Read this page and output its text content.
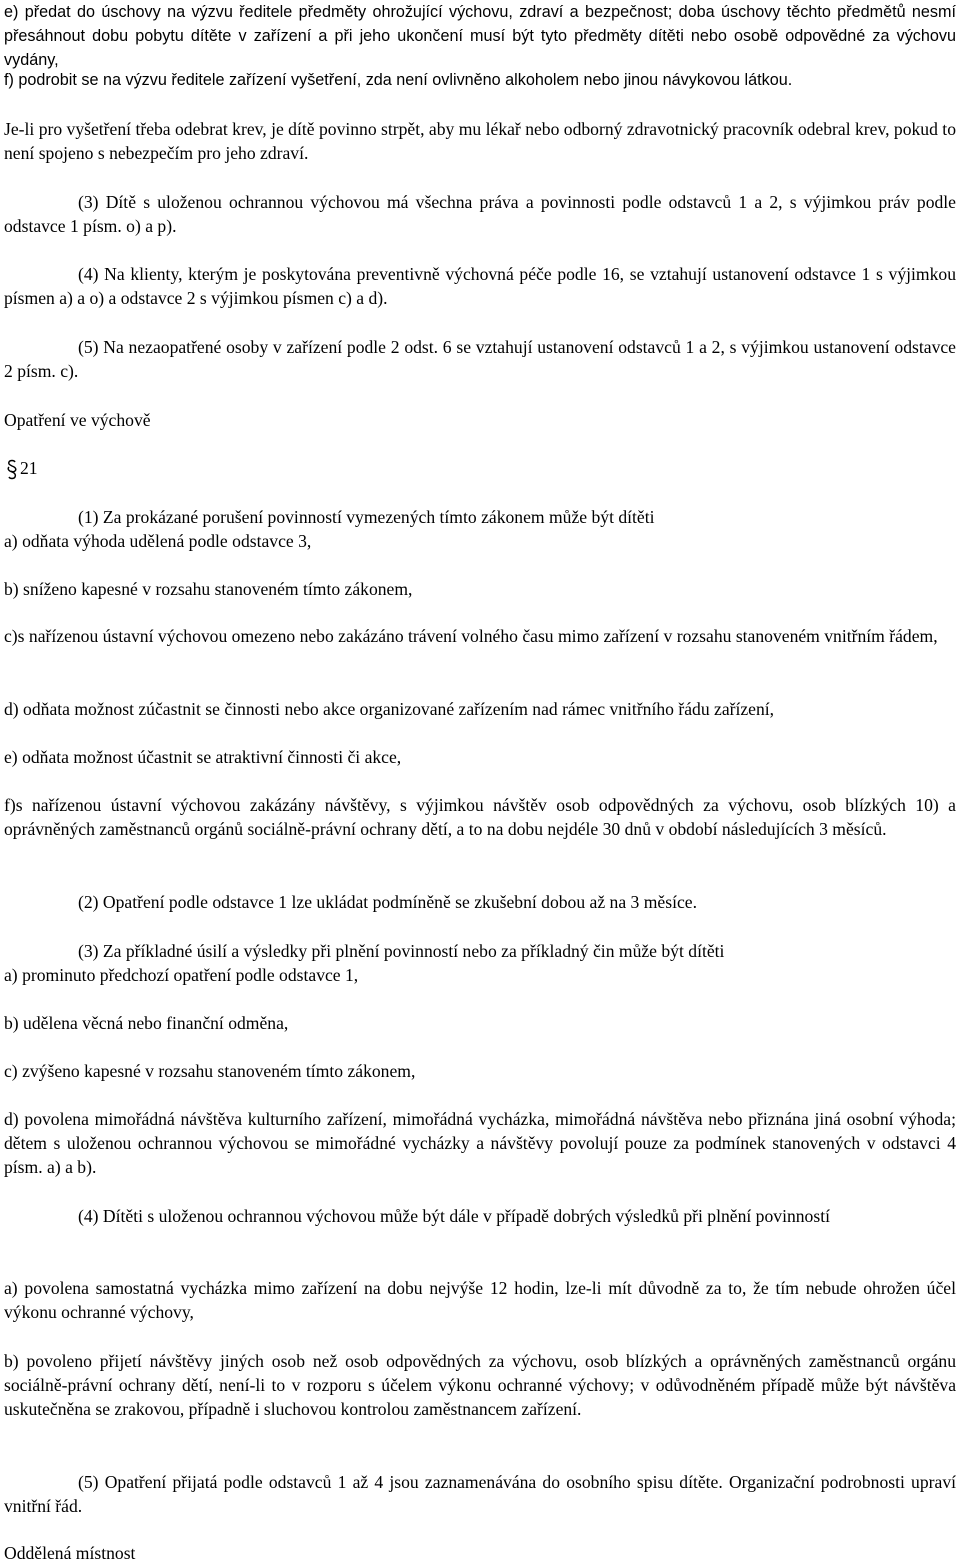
e) předat do úschovy na výzvu ředitele předměty ohrožující výchovu, zdraví a bezpečnost; doba úschovy těchto předmětů nesmí přesáhnout dobu pobytu dítěte v zařízení a při jeho ukončení musí být tyto předměty dítěti nebo osobě odpovědné za výchovu vydány,

f) podrobit se na výzvu ředitele zařízení vyšetření, zda není ovlivněno alkoholem nebo jinou návykovou látkou.

Je-li pro vyšetření třeba odebrat krev, je dítě povinno strpět, aby mu lékař nebo odborný zdravotnický pracovník odebral krev, pokud to není spojeno s nebezpečím pro jeho zdraví.

(3) Dítě s uloženou ochrannou výchovou má všechna práva a povinnosti podle odstavců 1 a 2, s výjimkou práv podle odstavce 1 písm. o) a p).

(4) Na klienty, kterým je poskytována preventivně výchovná péče podle 16, se vztahují ustanovení odstavce 1 s výjimkou písmen a) a o) a odstavce 2 s výjimkou písmen c) a d).

(5) Na nezaopatřené osoby v zařízení podle 2 odst. 6 se vztahují ustanovení odstavců 1 a 2, s výjimkou ustanovení odstavce 2 písm. c).

Opatření ve výchově

21

(1) Za prokázané porušení povinností vymezených tímto zákonem může být dítěti

a) odňata výhoda udělená podle odstavce 3,

b) sníženo kapesné v rozsahu stanoveném tímto zákonem,

c)s nařízenou ústavní výchovou omezeno nebo zakázáno trávení volného času mimo zařízení v rozsahu stanoveném vnitřním řádem,

d) odňata možnost zúčastnit se činnosti nebo akce organizované zařízením nad rámec vnitřního řádu zařízení,

e) odňata možnost účastnit se atraktivní činnosti či akce,

f)s nařízenou ústavní výchovou zakázány návštěvy, s výjimkou návštěv osob odpovědných za výchovu, osob blízkých 10) a oprávněných zaměstnanců orgánů sociálně-právní ochrany dětí, a to na dobu nejdéle 30 dnů v období následujících 3 měsíců.

(2) Opatření podle odstavce 1 lze ukládat podmíněně se zkušební dobou až na 3 měsíce.

(3) Za příkladné úsilí a výsledky při plnění povinností nebo za příkladný čin může být dítěti

a) prominuto předchozí opatření podle odstavce 1,

b) udělena věcná nebo finanční odměna,

c) zvýšeno kapesné v rozsahu stanoveném tímto zákonem,

d) povolena mimořádná návštěva kulturního zařízení, mimořádná vycházka, mimořádná návštěva nebo přiznána jiná osobní výhoda; dětem s uloženou ochrannou výchovou se mimořádné vycházky a návštěvy povolují pouze za podmínek stanovených v odstavci 4 písm. a) a b).

(4) Dítěti s uloženou ochrannou výchovou může být dále v případě dobrých výsledků při plnění povinností

a) povolena samostatná vycházka mimo zařízení na dobu nejvýše 12 hodin, lze-li mít důvodně za to, že tím nebude ohrožen účel výkonu ochranné výchovy,

b) povoleno přijetí návštěvy jiných osob než osob odpovědných za výchovu, osob blízkých a oprávněných zaměstnanců orgánu sociálně-právní ochrany dětí, není-li to v rozporu s účelem výkonu ochranné výchovy; v odůvodněném případě může být návštěva uskutečněna se zrakovou, případně i sluchovou kontrolou zaměstnancem zařízení.

(5) Opatření přijatá podle odstavců 1 až 4 jsou zaznamenávána do osobního spisu dítěte. Organizační podrobnosti upraví vnitřní řád.

Oddělená místnost
